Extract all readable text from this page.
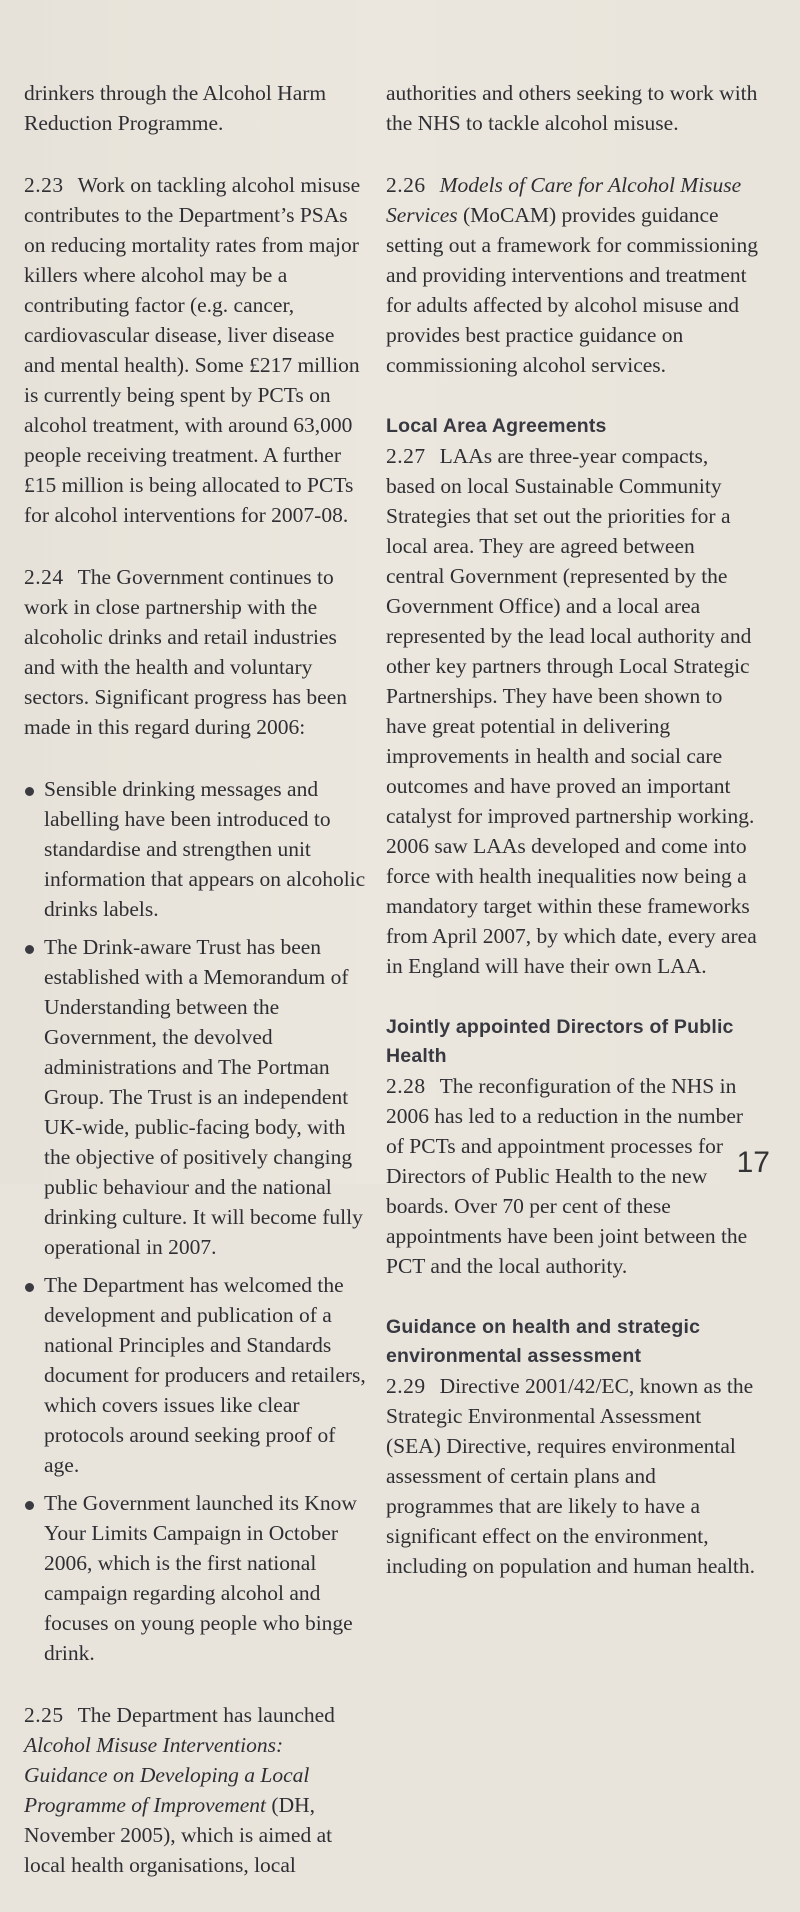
drinkers through the Alcohol Harm Reduction Programme.

2.23 Work on tackling alcohol misuse contributes to the Department’s PSAs on reducing mortality rates from major killers where alcohol may be a contributing factor (e.g. cancer, cardiovascular disease, liver disease and mental health). Some £217 million is currently being spent by PCTs on alcohol treatment, with around 63,000 people receiving treatment. A further £15 million is being allocated to PCTs for alcohol interventions for 2007-08.

2.24 The Government continues to work in close partnership with the alcoholic drinks and retail industries and with the health and voluntary sectors. Significant progress has been made in this regard during 2006:

Sensible drinking messages and labelling have been introduced to standardise and strengthen unit information that appears on alcoholic drinks labels.
The Drink-aware Trust has been established with a Memorandum of Understanding between the Government, the devolved administrations and The Portman Group. The Trust is an independent UK-wide, public-facing body, with the objective of positively changing public behaviour and the national drinking culture. It will become fully operational in 2007.
The Department has welcomed the development and publication of a national Principles and Standards document for producers and retailers, which covers issues like clear protocols around seeking proof of age.
The Government launched its Know Your Limits Campaign in October 2006, which is the first national campaign regarding alcohol and focuses on young people who binge drink.

2.25 The Department has launched Alcohol Misuse Interventions: Guidance on Developing a Local Programme of Improvement (DH, November 2005), which is aimed at local health organisations, local

authorities and others seeking to work with the NHS to tackle alcohol misuse.

2.26 Models of Care for Alcohol Misuse Services (MoCAM) provides guidance setting out a framework for commissioning and providing interventions and treatment for adults affected by alcohol misuse and provides best practice guidance on commissioning alcohol services.

Local Area Agreements

2.27 LAAs are three-year compacts, based on local Sustainable Community Strategies that set out the priorities for a local area. They are agreed between central Government (represented by the Government Office) and a local area represented by the lead local authority and other key partners through Local Strategic Partnerships. They have been shown to have great potential in delivering improvements in health and social care outcomes and have proved an important catalyst for improved partnership working. 2006 saw LAAs developed and come into force with health inequalities now being a mandatory target within these frameworks from April 2007, by which date, every area in England will have their own LAA.

Jointly appointed Directors of Public Health

2.28 The reconfiguration of the NHS in 2006 has led to a reduction in the number of PCTs and appointment processes for Directors of Public Health to the new boards. Over 70 per cent of these appointments have been joint between the PCT and the local authority.

Guidance on health and strategic environmental assessment

2.29 Directive 2001/42/EC, known as the Strategic Environmental Assessment (SEA) Directive, requires environmental assessment of certain plans and programmes that are likely to have a significant effect on the environment, including on population and human health.

17
